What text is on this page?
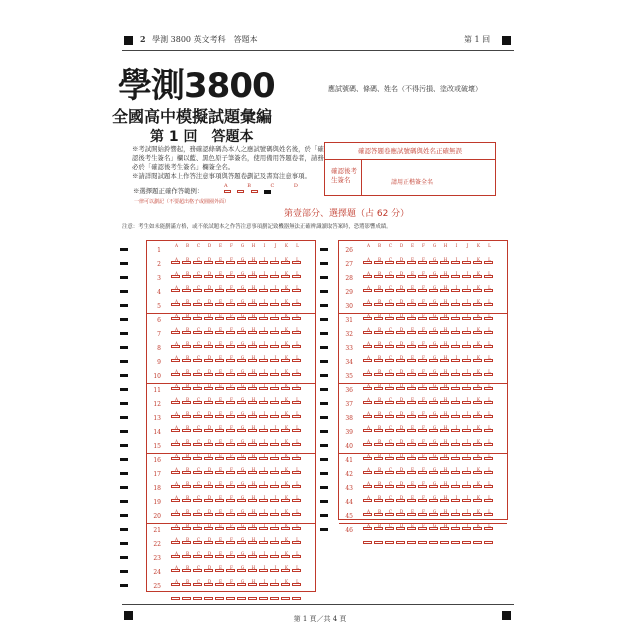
2 學測 3800 英文考科　答題本	第 1 回
學測3800
全國高中模擬試題彙編
第 1 回　答題本
應試號碼、條碼、姓名（不得污損、塗改或破壞）
※考試開始鈴響起，務確認條碼為本人之應試號碼與姓名後，於「確認後考生簽名」欄以藍、黑色原子筆簽名，使用備用答題卷者，請務必於「確認後考生簽名」欄簽全名。
※請詳閱試題本上作答注意事項與答題卷劃記及書寫注意事項。
※選擇題正確作答範例：
A B C D
一律可以劃記（不要超出格子或圓圈外面）
確認答題卷應試號碼與姓名正確無誤
確認後考生簽名	請用正楷簽全名
第壹部分、選擇題（占 62 分）
注意：考生如未能劃滿方格，或不依試題本之作答注意事項劃記致機器無法正確辨識讀取答案時，恐將影響成績。
1
A B C D E F G H I J K L
2
A B C D E F G H I J K L
3
A B C D E F G H I J K L
4
A B C D E F G H I J K L
5
A B C D E F G H I J K L
6
A B C D E F G H I J K L
7
A B C D E F G H I J K L
8
A B C D E F G H I J K L
9
A B C D E F G H I J K L
10
A B C D E F G H I J K L
11
A B C D E F G H I J K L
12
A B C D E F G H I J K L
13
A B C D E F G H I J K L
14
A B C D E F G H I J K L
15
A B C D E F G H I J K L
16
A B C D E F G H I J K L
17
A B C D E F G H I J K L
18
A B C D E F G H I J K L
19
A B C D E F G H I J K L
20
A B C D E F G H I J K L
21
A B C D E F G H I J K L
22
A B C D E F G H I J K L
23
A B C D E F G H I J K L
24
A B C D E F G H I J K L
25
A B C D E F G H I J K L
26
A B C D E F G H I J K L
27
A B C D E F G H I J K L
28
A B C D E F G H I J K L
29
A B C D E F G H I J K L
30
A B C D E F G H I J K L
31
A B C D E F G H I J K L
32
A B C D E F G H I J K L
33
A B C D E F G H I J K L
34
A B C D E F G H I J K L
35
A B C D E F G H I J K L
36
A B C D E F G H I J K L
37
A B C D E F G H I J K L
38
A B C D E F G H I J K L
39
A B C D E F G H I J K L
40
A B C D E F G H I J K L
41
A B C D E F G H I J K L
42
A B C D E F G H I J K L
43
A B C D E F G H I J K L
44
A B C D E F G H I J K L
45
A B C D E F G H I J K L
46
A B C D E F G H I J K L
第 1 頁／共 4 頁
